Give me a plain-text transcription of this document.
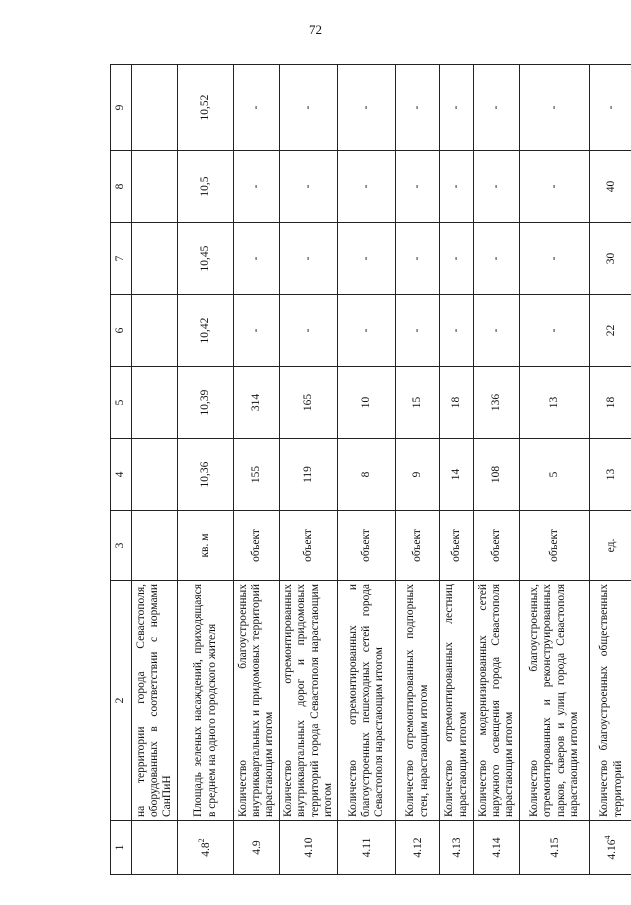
72
1	2	3	4	5	6	7	8	9
	на территории города Севастополя, оборудованных в соответствии с нормами СанПиН							
$4.8^2$	Площадь зеленых насаждений, приходящаяся в среднем на одного городского жителя	кв. м	10,36	10,39	10,42	10,45	10,5	10,52
4.9	Количество благоустроенных внутриквартальных и придомовых территорий нарастающим итогом	объект	155	314	-	-	-	-
4.10	Количество отремонтированных внутриквартальных дорог и придомовых территорий города Севастополя нарастающим итогом	объект	119	165	-	-	-	-
4.11	Количество отремонтированных и благоустроенных пешеходных сетей города Севастополя нарастающим итогом	объект	8	10	-	-	-	-
4.12	Количество отремонтированных подпорных стен, нарастающим итогом	объект	9	15	-	-	-	-
4.13	Количество отремонтированных лестниц нарастающим итогом	объект	14	18	-	-	-	-
4.14	Количество модернизированных сетей наружного освещения города Севастополя нарастающим итогом	объект	108	136	-	-	-	-
4.15	Количество благоустроенных, отремонтированных и реконструированных парков, скверов и улиц города Севастополя нарастающим итогом	объект	5	13	-	-	-	-
4.16$^4$	Количество благоустроенных общественных территорий	ед.	13	18	22	30	40	-
